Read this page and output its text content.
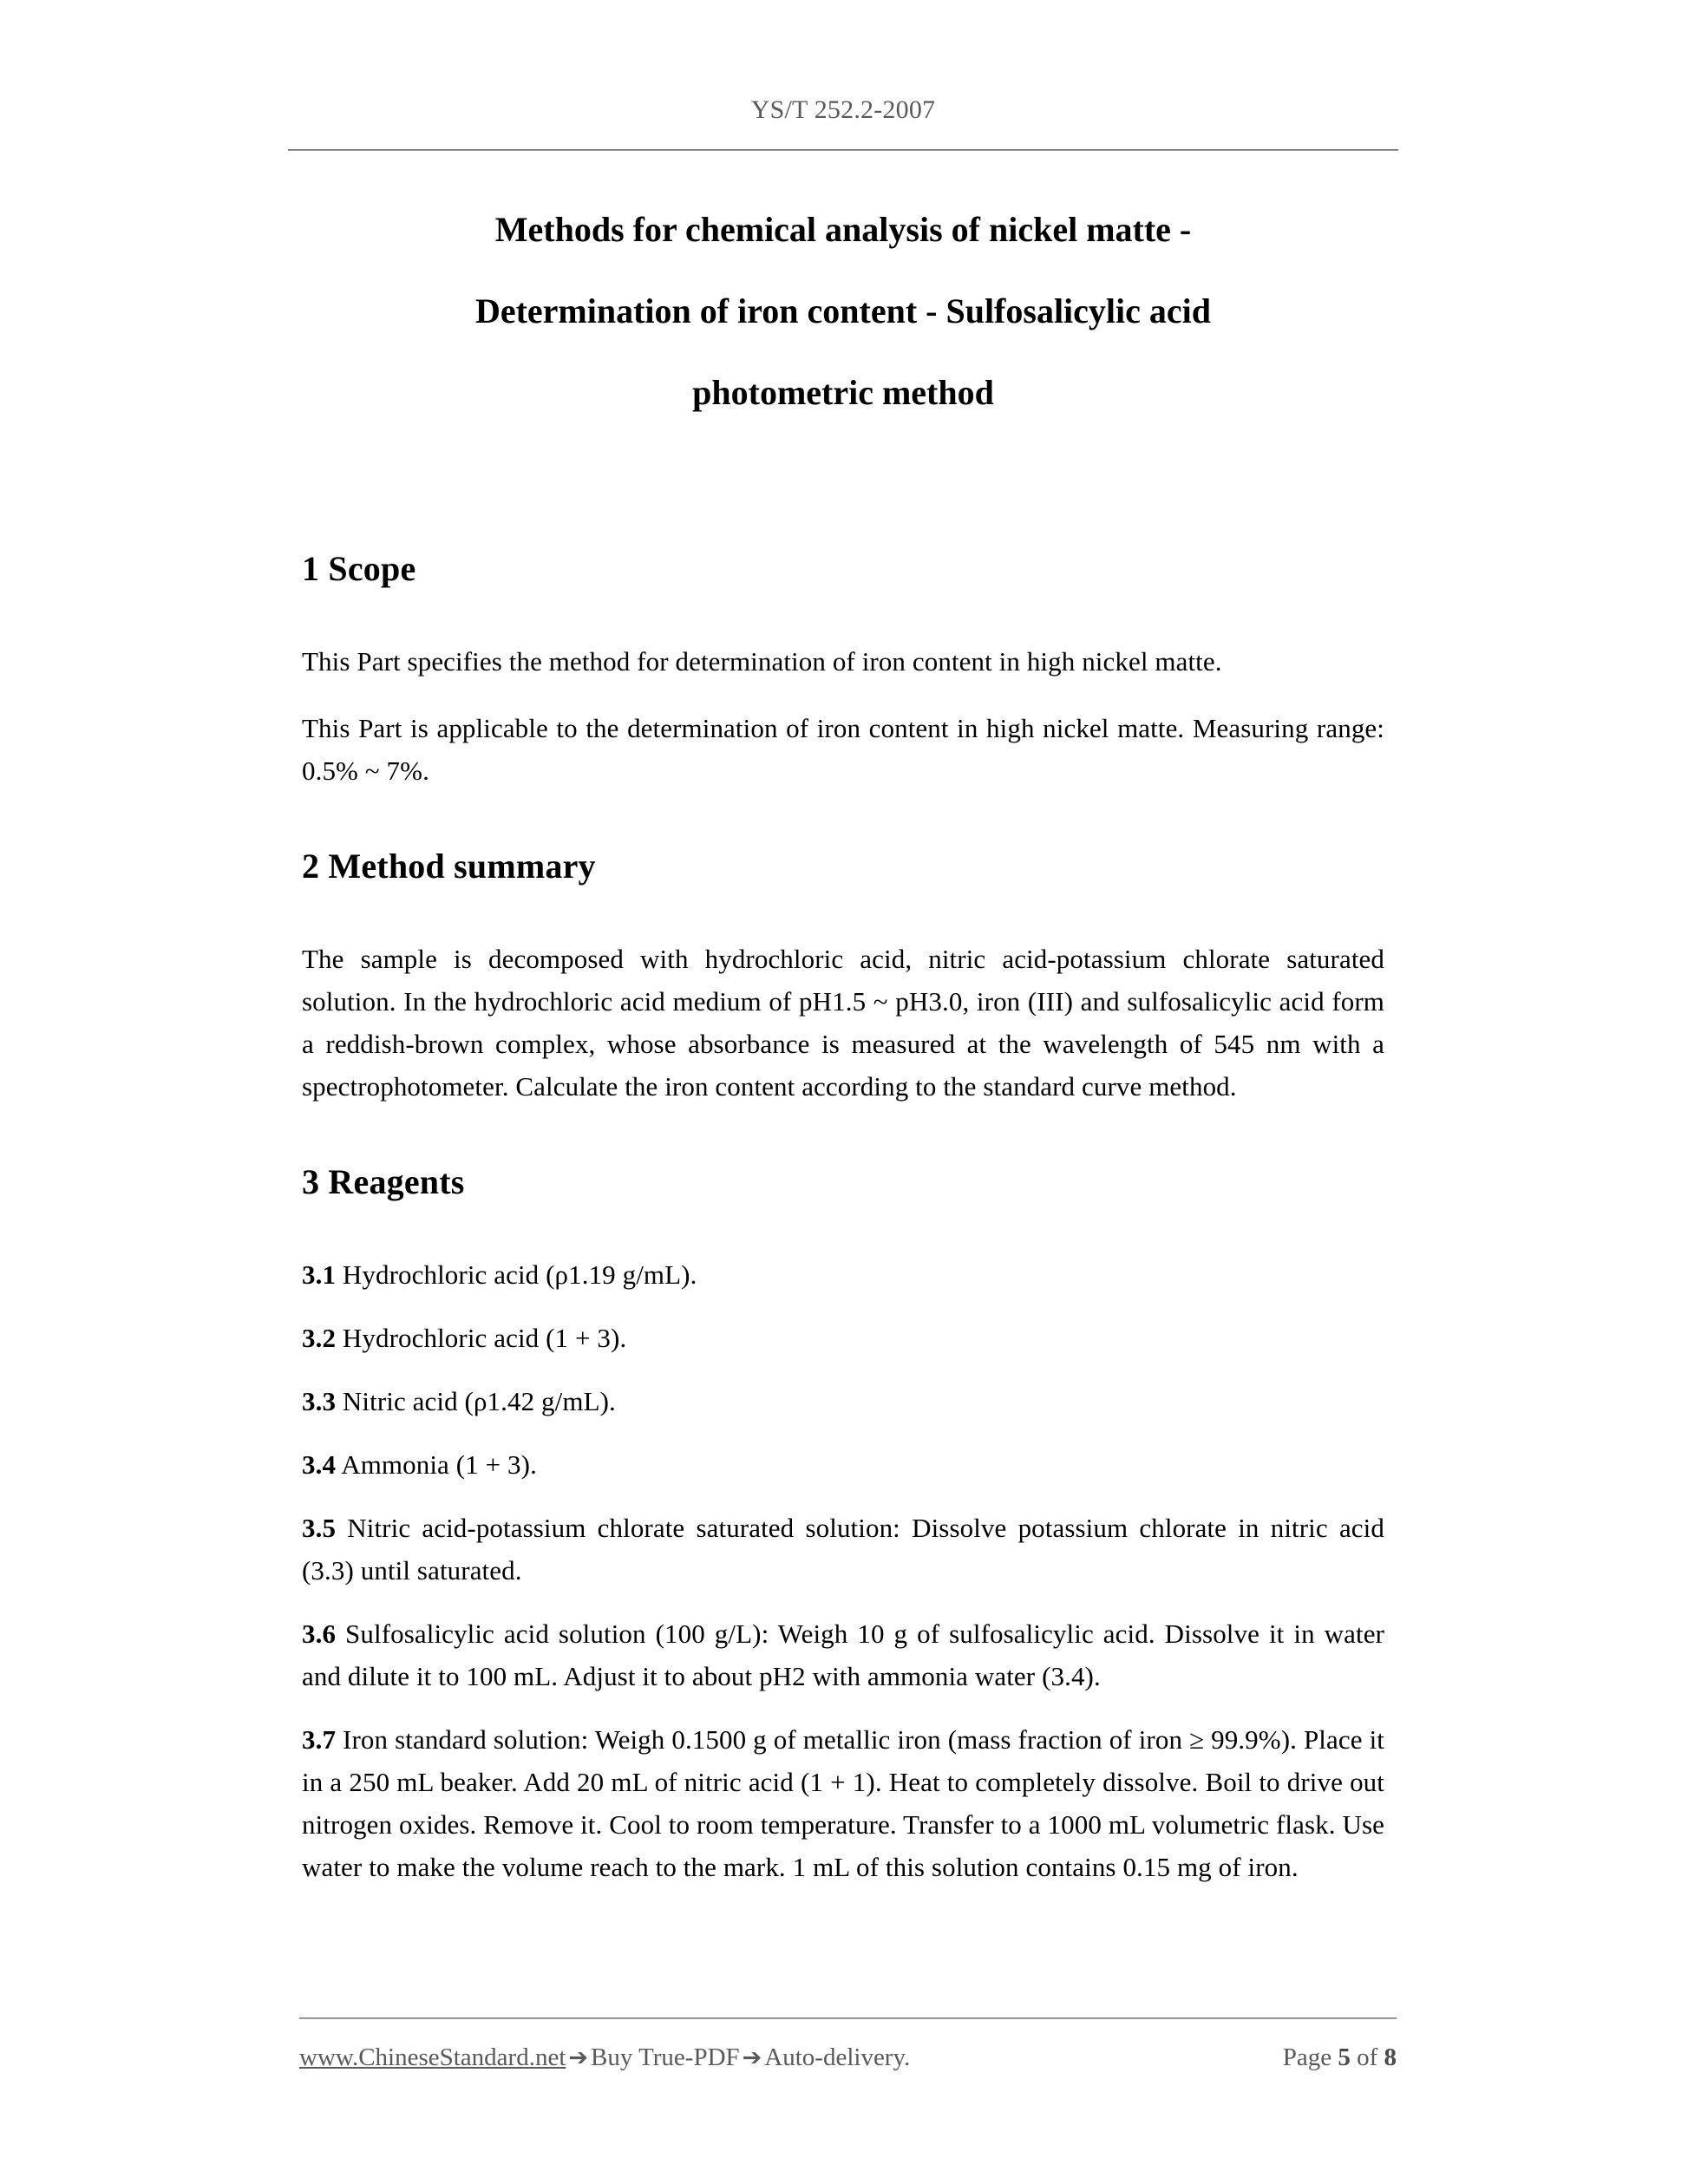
YS/T 252.2-2007
Methods for chemical analysis of nickel matte -
Determination of iron content - Sulfosalicylic acid
photometric method
1 Scope

This Part specifies the method for determination of iron content in high nickel matte.

This Part is applicable to the determination of iron content in high nickel matte. Measuring range: 0.5% ~ 7%.

2 Method summary

The sample is decomposed with hydrochloric acid, nitric acid-potassium chlorate saturated solution. In the hydrochloric acid medium of pH1.5 ~ pH3.0, iron (III) and sulfosalicylic acid form a reddish-brown complex, whose absorbance is measured at the wavelength of 545 nm with a spectrophotometer. Calculate the iron content according to the standard curve method.

3 Reagents

3.1 Hydrochloric acid (ρ1.19 g/mL).

3.2 Hydrochloric acid (1 + 3).

3.3 Nitric acid (ρ1.42 g/mL).

3.4 Ammonia (1 + 3).

3.5 Nitric acid-potassium chlorate saturated solution: Dissolve potassium chlorate in nitric acid (3.3) until saturated.

3.6 Sulfosalicylic acid solution (100 g/L): Weigh 10 g of sulfosalicylic acid. Dissolve it in water and dilute it to 100 mL. Adjust it to about pH2 with ammonia water (3.4).

3.7 Iron standard solution: Weigh 0.1500 g of metallic iron (mass fraction of iron ≥ 99.9%). Place it in a 250 mL beaker. Add 20 mL of nitric acid (1 + 1). Heat to completely dissolve. Boil to drive out nitrogen oxides. Remove it. Cool to room temperature. Transfer to a 1000 mL volumetric flask. Use water to make the volume reach to the mark. 1 mL of this solution contains 0.15 mg of iron.

www.ChineseStandard.net ➔ Buy True-PDF ➔ Auto-delivery.	Page 5 of 8
